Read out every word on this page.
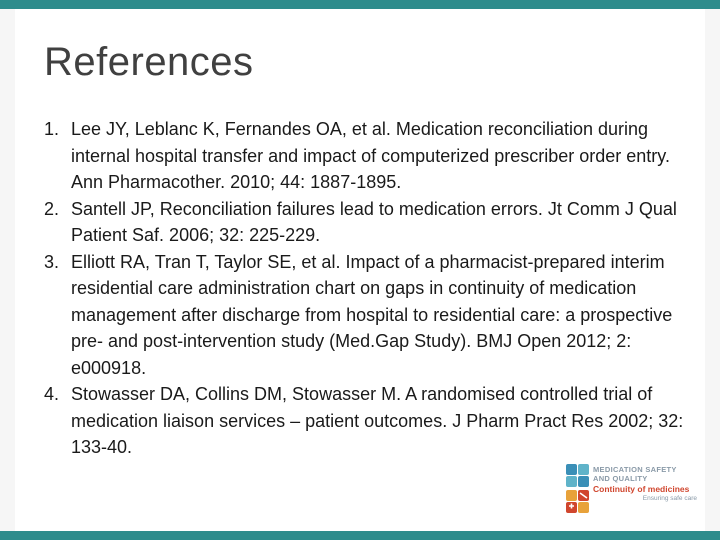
References
1. Lee JY, Leblanc K, Fernandes OA, et al. Medication reconciliation during internal hospital transfer and impact of computerized prescriber order entry. Ann Pharmacother. 2010; 44: 1887-1895.
2. Santell JP, Reconciliation failures lead to medication errors. Jt Comm J Qual Patient Saf. 2006; 32: 225-229.
3. Elliott RA, Tran T, Taylor SE, et al. Impact of a pharmacist-prepared interim residential care administration chart on gaps in continuity of medication management after discharge from hospital to residential care: a prospective pre- and post-intervention study (Med.Gap Study). BMJ Open 2012; 2: e000918.
4. Stowasser DA, Collins DM, Stowasser M. A randomised controlled trial of medication liaison services – patient outcomes. J Pharm Pract Res 2002; 32: 133-40.
MEDICATION SAFETY
AND QUALITY
Continuity of medicines
Ensuring safe care
